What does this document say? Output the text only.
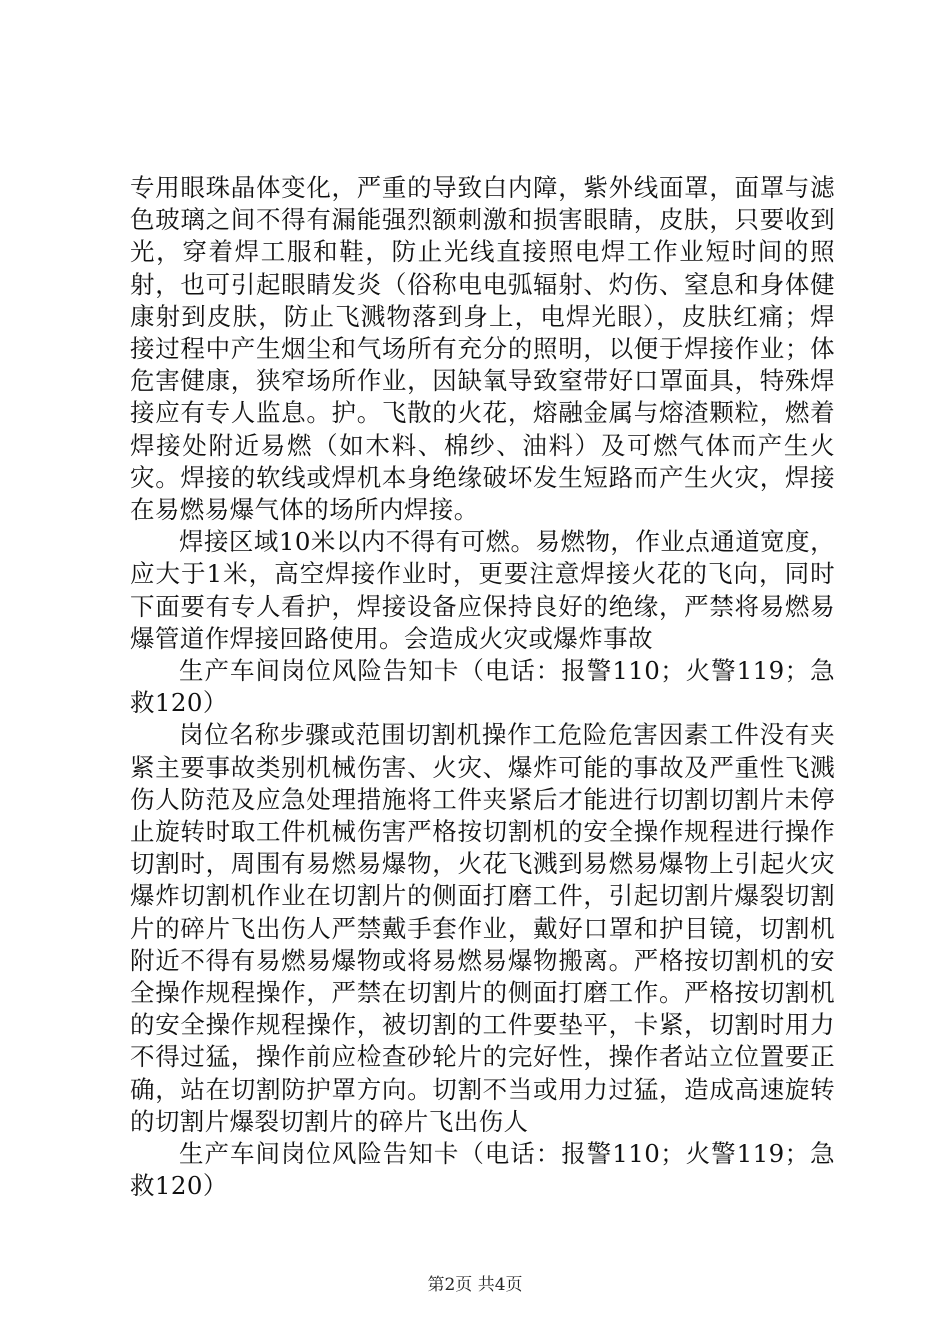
专用眼珠晶体变化，严重的导致白内障，紫外线面罩，面罩与滤色玻璃之间不得有漏能强烈额刺激和损害眼睛，皮肤，只要收到光，穿着焊工服和鞋，防止光线直接照电焊工作业短时间的照射，也可引起眼睛发炎（俗称电电弧辐射、灼伤、窒息和身体健康射到皮肤，防止飞溅物落到身上，电焊光眼），皮肤红痛；焊接过程中产生烟尘和气场所有充分的照明，以便于焊接作业；体危害健康，狭窄场所作业，因缺氧导致窒带好口罩面具，特殊焊接应有专人监息。护。飞散的火花，熔融金属与熔渣颗粒，燃着焊接处附近易燃（如木料、棉纱、油料）及可燃气体而产生火灾。焊接的软线或焊机本身绝缘破坏发生短路而产生火灾，焊接在易燃易爆气体的场所内焊接。

焊接区域10米以内不得有可燃。易燃物，作业点通道宽度，应大于1米，高空焊接作业时，更要注意焊接火花的飞向，同时下面要有专人看护，焊接设备应保持良好的绝缘，严禁将易燃易爆管道作焊接回路使用。会造成火灾或爆炸事故

生产车间岗位风险告知卡（电话：报警110；火警119；急救120）

岗位名称步骤或范围切割机操作工危险危害因素工件没有夹紧主要事故类别机械伤害、火灾、爆炸可能的事故及严重性飞溅伤人防范及应急处理措施将工件夹紧后才能进行切割切割片未停止旋转时取工件机械伤害严格按切割机的安全操作规程进行操作切割时，周围有易燃易爆物，火花飞溅到易燃易爆物上引起火灾爆炸切割机作业在切割片的侧面打磨工件，引起切割片爆裂切割片的碎片飞出伤人严禁戴手套作业，戴好口罩和护目镜，切割机附近不得有易燃易爆物或将易燃易爆物搬离。严格按切割机的安全操作规程操作，严禁在切割片的侧面打磨工作。严格按切割机的安全操作规程操作，被切割的工件要垫平，卡紧，切割时用力不得过猛，操作前应检查砂轮片的完好性，操作者站立位置要正确，站在切割防护罩方向。切割不当或用力过猛，造成高速旋转的切割片爆裂切割片的碎片飞出伤人

生产车间岗位风险告知卡（电话：报警110；火警119；急救120）

第2页 共4页
